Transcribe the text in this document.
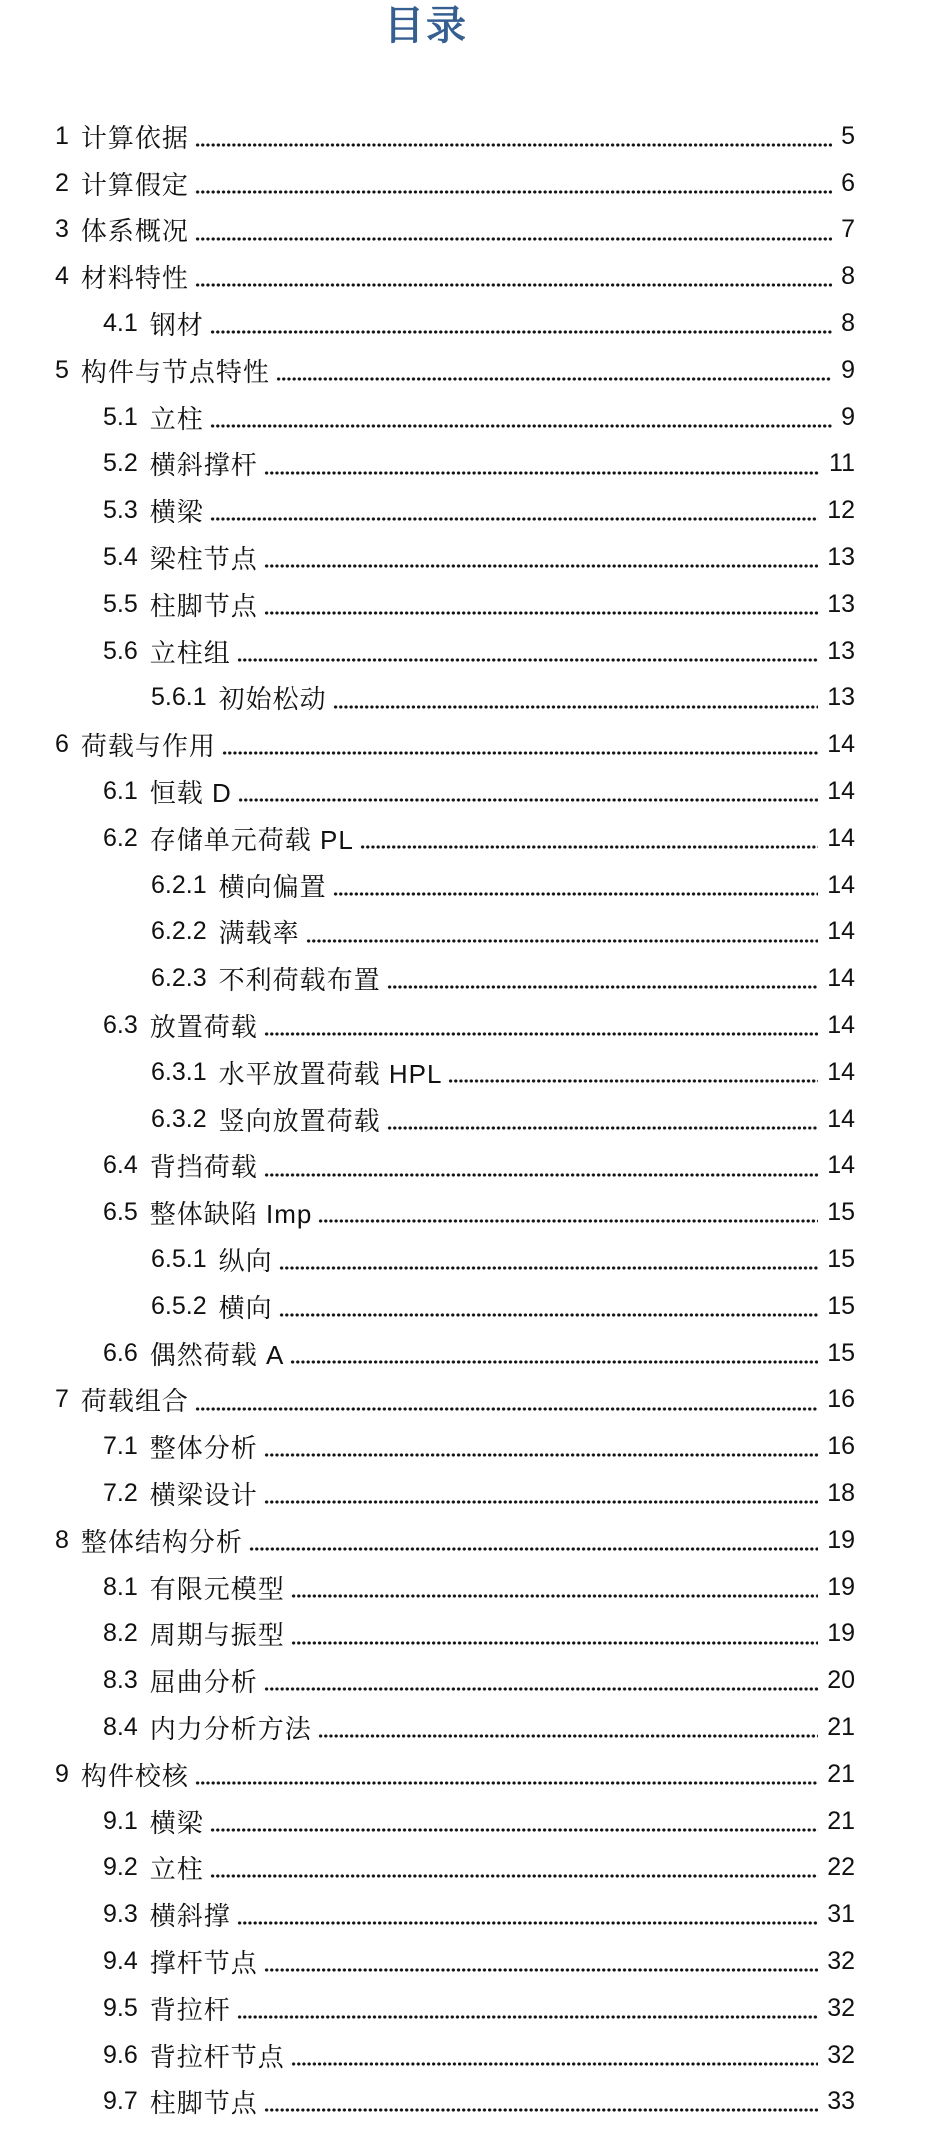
目录
1 计算依据	5
2 计算假定	6
3 体系概况	7
4 材料特性	8
4.1 钢材	8
5 构件与节点特性	9
5.1 立柱	9
5.2 横斜撑杆	11
5.3 横梁	12
5.4 梁柱节点	13
5.5 柱脚节点	13
5.6 立柱组	13
5.6.1 初始松动	13
6 荷载与作用	14
6.1 恒载 D	14
6.2 存储单元荷载 PL	14
6.2.1 横向偏置	14
6.2.2 满载率	14
6.2.3 不利荷载布置	14
6.3 放置荷载	14
6.3.1 水平放置荷载 HPL	14
6.3.2 竖向放置荷载	14
6.4 背挡荷载	14
6.5 整体缺陷 Imp	15
6.5.1 纵向	15
6.5.2 横向	15
6.6 偶然荷载 A	15
7 荷载组合	16
7.1 整体分析	16
7.2 横梁设计	18
8 整体结构分析	19
8.1 有限元模型	19
8.2 周期与振型	19
8.3 屈曲分析	20
8.4 内力分析方法	21
9 构件校核	21
9.1 横梁	21
9.2 立柱	22
9.3 横斜撑	31
9.4 撑杆节点	32
9.5 背拉杆	32
9.6 背拉杆节点	32
9.7 柱脚节点	33
